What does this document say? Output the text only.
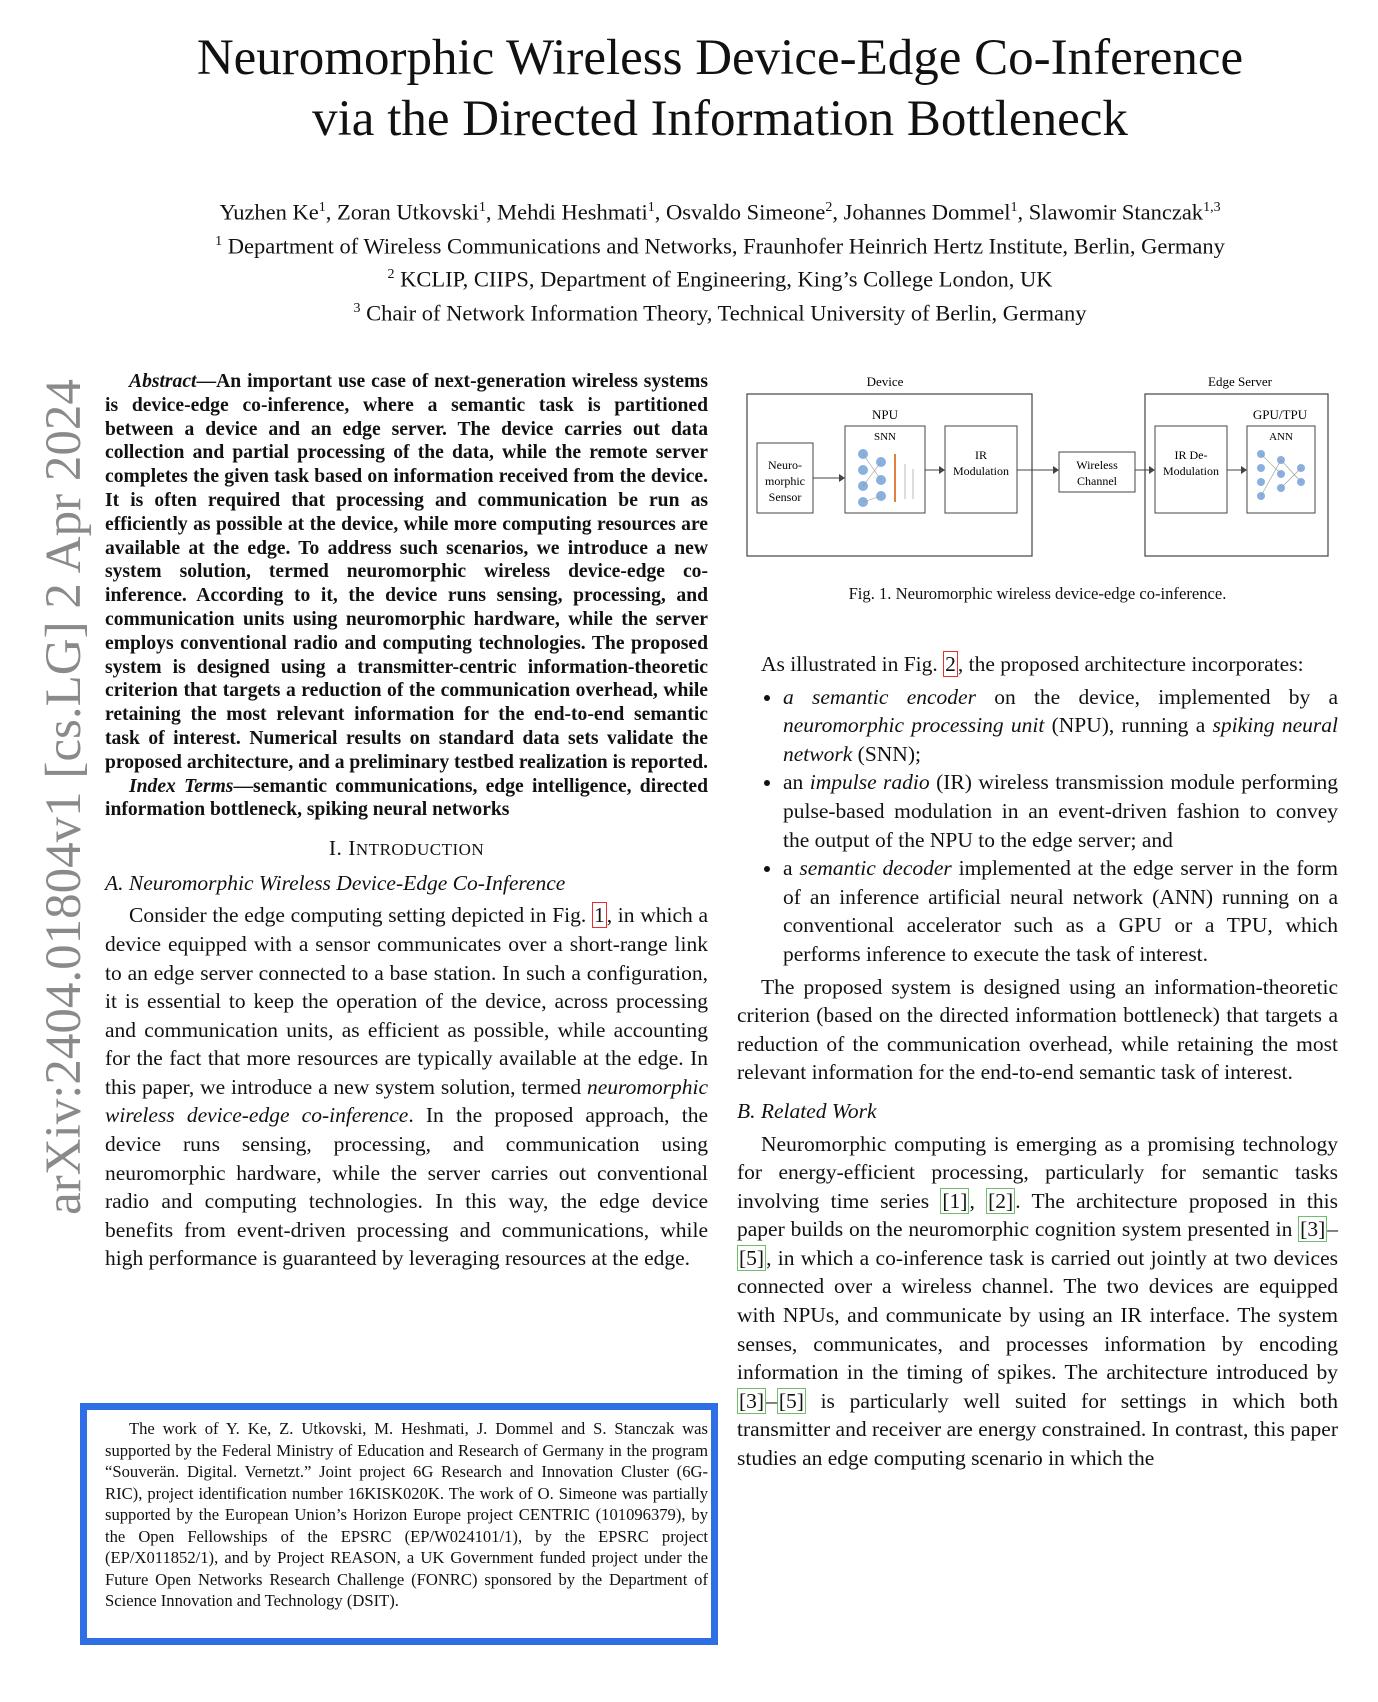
Neuromorphic Wireless Device-Edge Co-Inference
via the Directed Information Bottleneck
Yuzhen Ke$^1$, Zoran Utkovski$^1$, Mehdi Heshmati$^1$, Osvaldo Simeone$^2$, Johannes Dommel$^1$, Slawomir Stanczak$^{1,3}$
$^1$ Department of Wireless Communications and Networks, Fraunhofer Heinrich Hertz Institute, Berlin, Germany
$^2$ KCLIP, CIIPS, Department of Engineering, King’s College London, UK
$^3$ Chair of Network Information Theory, Technical University of Berlin, Germany
arXiv:2404.01804v1 [cs.LG] 2 Apr 2024	Abstract—An important use case of next-generation wireless systems is device-edge co-inference, where a semantic task is partitioned between a device and an edge server. The device carries out data collection and partial processing of the data, while the remote server completes the given task based on information received from the device. It is often required that processing and communication be run as efficiently as possible at the device, while more computing resources are available at the edge. To address such scenarios, we introduce a new system solution, termed neuromorphic wireless device-edge co-inference. According to it, the device runs sensing, processing, and communication units using neuromorphic hardware, while the server employs conventional radio and computing technologies. The proposed system is designed using a transmitter-centric information-theoretic criterion that targets a reduction of the communication overhead, while retaining the most relevant information for the end-to-end semantic task of interest. Numerical results on standard data sets validate the proposed architecture, and a preliminary testbed realization is reported.

Index Terms—semantic communications, edge intelligence, directed information bottleneck, spiking neural networks

I. INTRODUCTION
A. Neuromorphic Wireless Device-Edge Co-Inference

Consider the edge computing setting depicted in Fig. 1, in which a device equipped with a sensor communicates over a short-range link to an edge server connected to a base station. In such a configuration, it is essential to keep the operation of the device, across processing and communication units, as efficient as possible, while accounting for the fact that more resources are typically available at the edge. In this paper, we introduce a new system solution, termed neuromorphic wireless device-edge co-inference. In the proposed approach, the device runs sensing, processing, and communication using neuromorphic hardware, while the server carries out conventional radio and computing technologies. In this way, the edge device benefits from event-driven processing and communications, while high performance is guaranteed by leveraging resources at the edge.

The work of Y. Ke, Z. Utkovski, M. Heshmati, J. Dommel and S. Stanczak was supported by the Federal Ministry of Education and Research of Germany in the program “Souverän. Digital. Vernetzt.” Joint project 6G Research and Innovation Cluster (6G-RIC), project identification number 16KISK020K. The work of O. Simeone was partially supported by the European Union’s Horizon Europe project CENTRIC (101096379), by the Open Fellowships of the EPSRC (EP/W024101/1), by the EPSRC project (EP/X011852/1), and by Project REASON, a UK Government funded project under the Future Open Networks Research Challenge (FONRC) sponsored by the Department of Science Innovation and Technology (DSIT).
Device	Edge Server
Neuro-
morphic
Sensor
NPU
SNN
IR
Modulation	Wireless
Channel
IR De-
Modulation
GPU/TPU
ANN
Fig. 1. Neuromorphic wireless device-edge co-inference.

As illustrated in Fig. 2, the proposed architecture incorporates:

• a semantic encoder on the device, implemented by a neuromorphic processing unit (NPU), running a spiking neural network (SNN);
• an impulse radio (IR) wireless transmission module performing pulse-based modulation in an event-driven fashion to convey the output of the NPU to the edge server; and
• a semantic decoder implemented at the edge server in the form of an inference artificial neural network (ANN) running on a conventional accelerator such as a GPU or a TPU, which performs inference to execute the task of interest.

The proposed system is designed using an information-theoretic criterion (based on the directed information bottleneck) that targets a reduction of the communication overhead, while retaining the most relevant information for the end-to-end semantic task of interest.

B. Related Work

Neuromorphic computing is emerging as a promising technology for energy-efficient processing, particularly for semantic tasks involving time series [1], [2]. The architecture proposed in this paper builds on the neuromorphic cognition system presented in [3]–[5], in which a co-inference task is carried out jointly at two devices connected over a wireless channel. The two devices are equipped with NPUs, and communicate by using an IR interface. The system senses, communicates, and processes information by encoding information in the timing of spikes. The architecture introduced by [3]–[5] is particularly well suited for settings in which both transmitter and receiver are energy constrained. In contrast, this paper studies an edge computing scenario in which the
